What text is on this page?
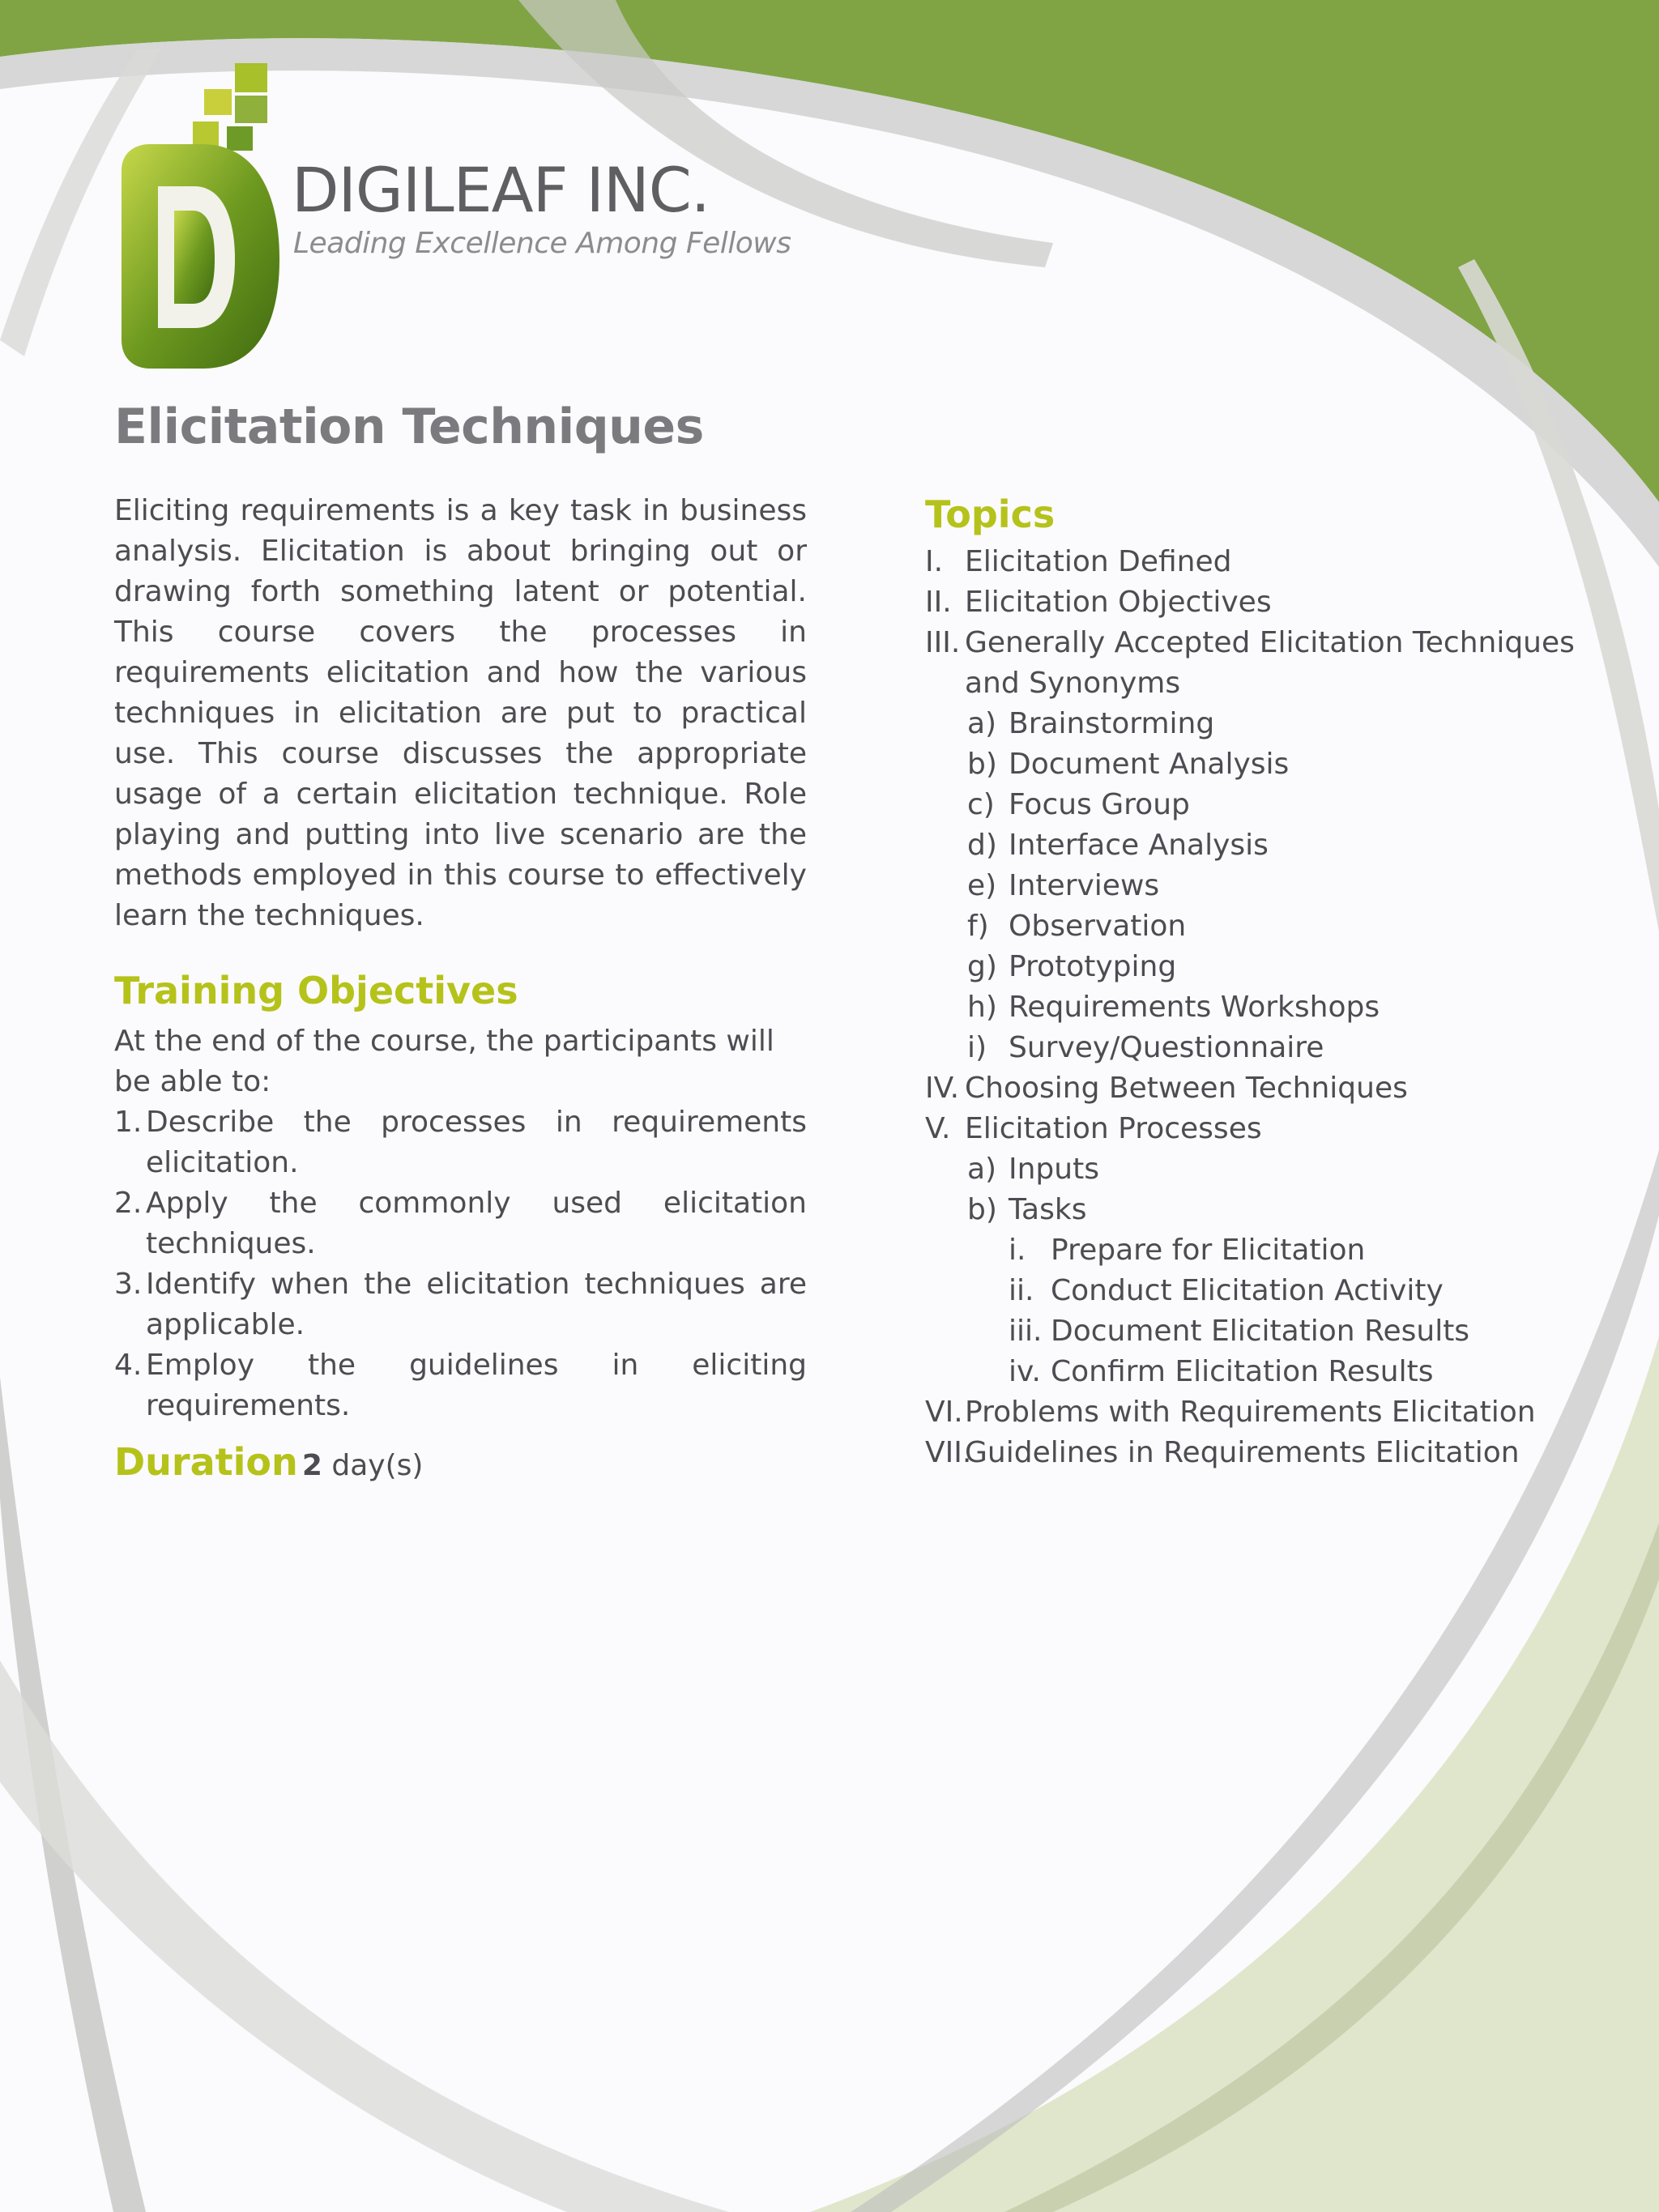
DIGILEAF INC.
Leading Excellence Among Fellows
Elicitation Techniques
Eliciting requirements is a key task in business analysis. Elicitation is about bringing out or drawing forth something latent or potential. This course covers the processes in requirements elicitation and how the various techniques in elicitation are put to practical use. This course discusses the appropriate usage of a certain elicitation technique. Role playing and putting into live scenario are the methods employed in this course to effectively learn the techniques.
Training Objectives
At the end of the course, the participants will be able to:
1. Describe the processes in requirements elicitation.
2. Apply the commonly used elicitation techniques.
3. Identify when the elicitation techniques are applicable.
4. Employ the guidelines in eliciting requirements.
Duration 2 day(s)
Topics
I. Elicitation Defined
II. Elicitation Objectives
III. Generally Accepted Elicitation Techniques
and Synonyms
a) Brainstorming
b) Document Analysis
c) Focus Group
d) Interface Analysis
e) Interviews
f) Observation
g) Prototyping
h) Requirements Workshops
i) Survey/Questionnaire
IV. Choosing Between Techniques
V. Elicitation Processes
a) Inputs
b) Tasks
i. Prepare for Elicitation
ii. Conduct Elicitation Activity
iii. Document Elicitation Results
iv. Confirm Elicitation Results
VI. Problems with Requirements Elicitation
VII.
Guidelines in Requirements Elicitation
